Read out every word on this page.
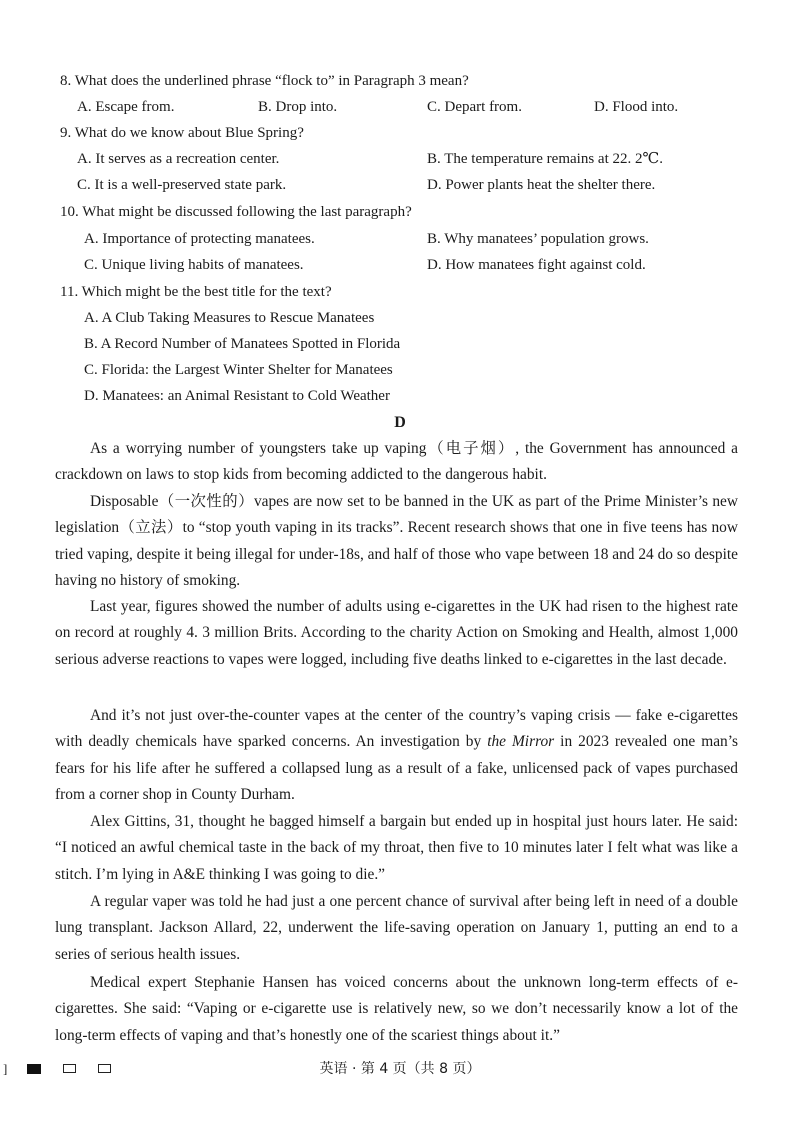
8. What does the underlined phrase “flock to” in Paragraph 3 mean?
A. Escape from.	B. Drop into.	C. Depart from.	D. Flood into.
9. What do we know about Blue Spring?
A. It serves as a recreation center.	B. The temperature remains at 22. 2℃.
C. It is a well-preserved state park.	D. Power plants heat the shelter there.
10. What might be discussed following the last paragraph?
A. Importance of protecting manatees.	B. Why manatees’ population grows.
C. Unique living habits of manatees.	D. How manatees fight against cold.
11. Which might be the best title for the text?
A. A Club Taking Measures to Rescue Manatees
B. A Record Number of Manatees Spotted in Florida
C. Florida: the Largest Winter Shelter for Manatees
D. Manatees: an Animal Resistant to Cold Weather
D

As a worrying number of youngsters take up vaping（电子烟）, the Government has announced a crackdown on laws to stop kids from becoming addicted to the dangerous habit.

Disposable（一次性的）vapes are now set to be banned in the UK as part of the Prime Minister’s new legislation（立法）to “stop youth vaping in its tracks”. Recent research shows that one in five teens has now tried vaping, despite it being illegal for under-18s, and half of those who vape between 18 and 24 do so despite having no history of smoking.

Last year, figures showed the number of adults using e-cigarettes in the UK had risen to the highest rate on record at roughly 4. 3 million Brits. According to the charity Action on Smoking and Health, almost 1,000 serious adverse reactions to vapes were logged, including five deaths linked to e-cigarettes in the last decade.

And it’s not just over-the-counter vapes at the center of the country’s vaping crisis — fake e-cigarettes with deadly chemicals have sparked concerns. An investigation by the Mirror in 2023 revealed one man’s fears for his life after he suffered a collapsed lung as a result of a fake, unlicensed pack of vapes purchased from a corner shop in County Durham.

Alex Gittins, 31, thought he bagged himself a bargain but ended up in hospital just hours later. He said: “I noticed an awful chemical taste in the back of my throat, then five to 10 minutes later I felt what was like a stitch. I’m lying in A&E thinking I was going to die.”

A regular vaper was told he had just a one percent chance of survival after being left in need of a double lung transplant. Jackson Allard, 22, underwent the life-saving operation on January 1, putting an end to a series of serious health issues.

Medical expert Stephanie Hansen has voiced concerns about the unknown long-term effects of e-cigarettes. She said: “Vaping or e-cigarette use is relatively new, so we don’t necessarily know a lot of the long-term effects of vaping and that’s honestly one of the scariest things about it.”

]	英语 · 第 4 页（共 8 页）
